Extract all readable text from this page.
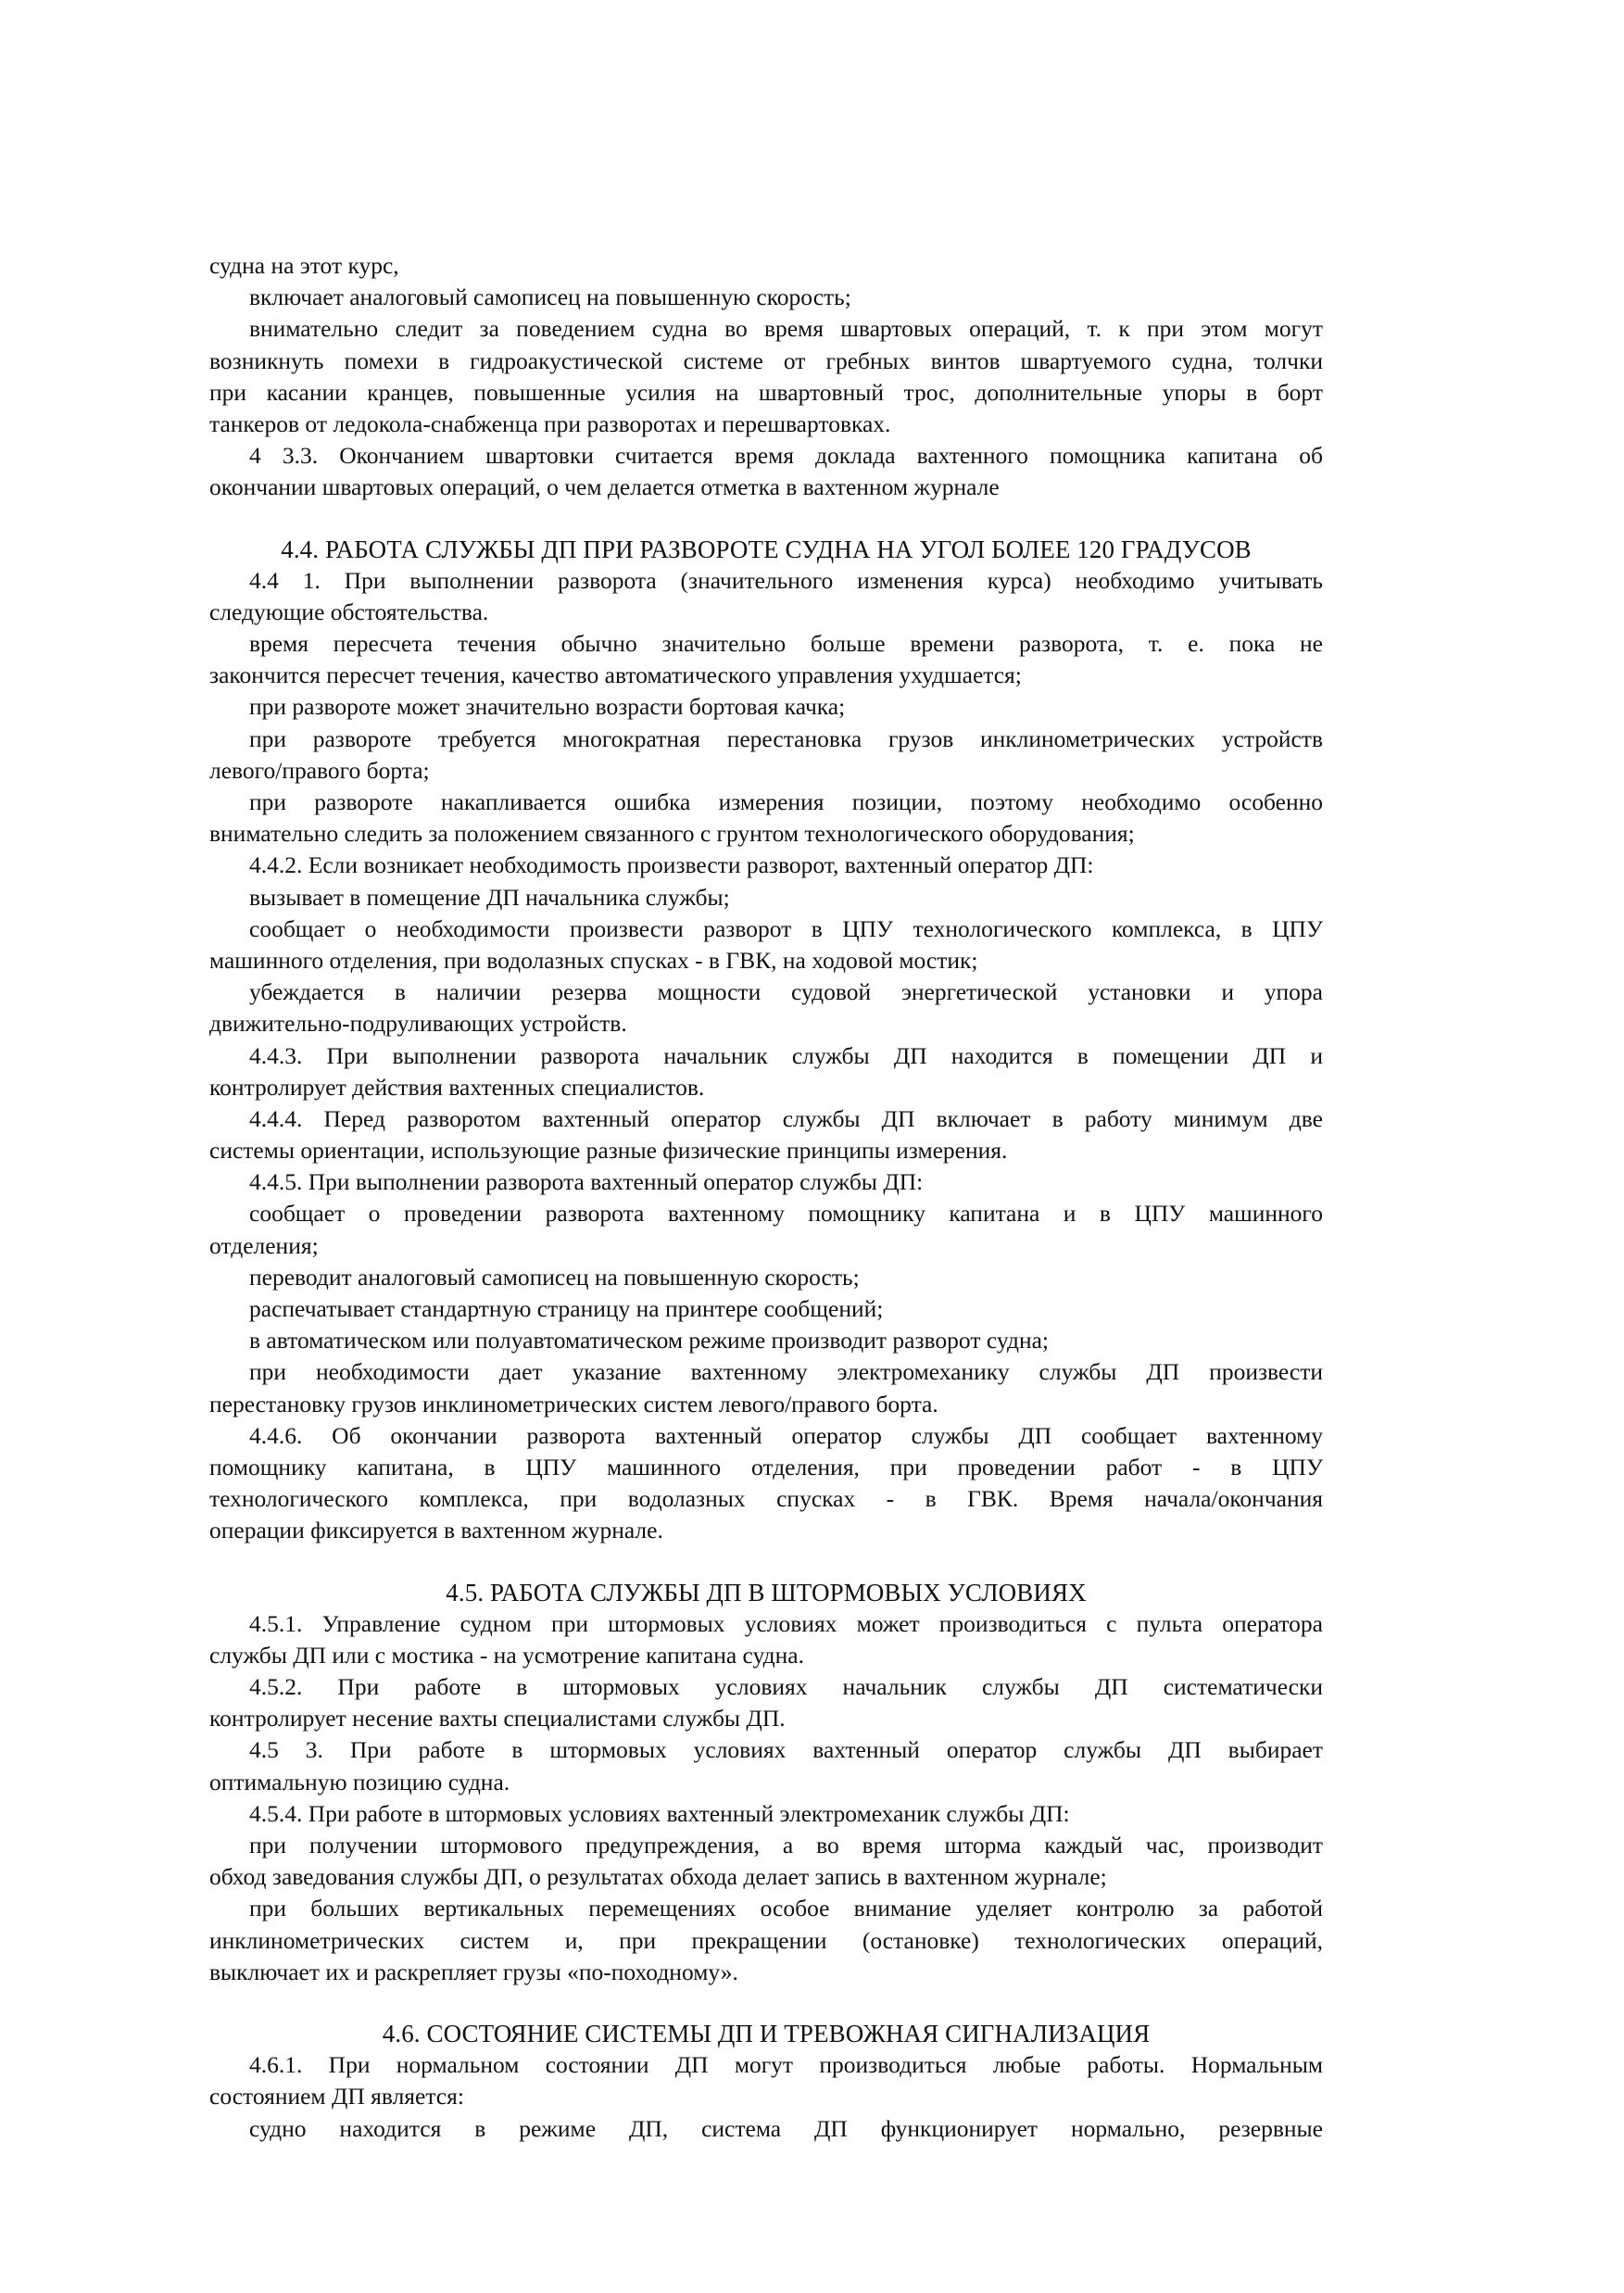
судна на этот курс,
включает аналоговый самописец на повышенную скорость;
внимательно следит за поведением судна во время швартовых операций, т. к при этом могут
возникнуть помехи в гидроакустической системе от гребных винтов швартуемого судна, толчки
при касании кранцев, повышенные усилия на швартовный трос, дополнительные упоры в борт
танкеров от ледокола-снабженца при разворотах и перешвартовках.
4 3.3. Окончанием швартовки считается время доклада вахтенного помощника капитана об
окончании швартовых операций, о чем делается отметка в вахтенном журнале
4.4. РАБОТА СЛУЖБЫ ДП ПРИ РАЗВОРОТЕ СУДНА НА УГОЛ БОЛЕЕ 120 ГРАДУСОВ
4.4 1. При выполнении разворота (значительного изменения курса) необходимо учитывать
следующие обстоятельства.
время пересчета течения обычно значительно больше времени разворота, т. е. пока не
закончится пересчет течения, качество автоматического управления ухудшается;
при развороте может значительно возрасти бортовая качка;
при развороте требуется многократная перестановка грузов инклинометрических устройств
левого/правого борта;
при развороте накапливается ошибка измерения позиции, поэтому необходимо особенно
внимательно следить за положением связанного с грунтом технологического оборудования;
4.4.2. Если возникает необходимость произвести разворот, вахтенный оператор ДП:
вызывает в помещение ДП начальника службы;
сообщает о необходимости произвести разворот в ЦПУ технологического комплекса, в ЦПУ
машинного отделения, при водолазных спусках - в ГВК, на ходовой мостик;
убеждается в наличии резерва мощности судовой энергетической установки и упора
движительно-подруливающих устройств.
4.4.3. При выполнении разворота начальник службы ДП находится в помещении ДП и
контролирует действия вахтенных специалистов.
4.4.4. Перед разворотом вахтенный оператор службы ДП включает в работу минимум две
системы ориентации, использующие разные физические принципы измерения.
4.4.5. При выполнении разворота вахтенный оператор службы ДП:
сообщает о проведении разворота вахтенному помощнику капитана и в ЦПУ машинного
отделения;
переводит аналоговый самописец на повышенную скорость;
распечатывает стандартную страницу на принтере сообщений;
в автоматическом или полуавтоматическом режиме производит разворот судна;
при необходимости дает указание вахтенному электромеханику службы ДП произвести
перестановку грузов инклинометрических систем левого/правого борта.
4.4.6. Об окончании разворота вахтенный оператор службы ДП сообщает вахтенному
помощнику капитана, в ЦПУ машинного отделения, при проведении работ - в ЦПУ
технологического комплекса, при водолазных спусках - в ГВК. Время начала/окончания
операции фиксируется в вахтенном журнале.
4.5. РАБОТА СЛУЖБЫ ДП В ШТОРМОВЫХ УСЛОВИЯХ
4.5.1. Управление судном при штормовых условиях может производиться с пульта оператора
службы ДП или с мостика - на усмотрение капитана судна.
4.5.2. При работе в штормовых условиях начальник службы ДП систематически
контролирует несение вахты специалистами службы ДП.
4.5 3. При работе в штормовых условиях вахтенный оператор службы ДП выбирает
оптимальную позицию судна.
4.5.4. При работе в штормовых условиях вахтенный электромеханик службы ДП:
при получении штормового предупреждения, а во время шторма каждый час, производит
обход заведования службы ДП, о результатах обхода делает запись в вахтенном журнале;
при больших вертикальных перемещениях особое внимание уделяет контролю за работой
инклинометрических систем и, при прекращении (остановке) технологических операций,
выключает их и раскрепляет грузы «по-походному».
4.6. СОСТОЯНИЕ СИСТЕМЫ ДП И ТРЕВОЖНАЯ СИГНАЛИЗАЦИЯ
4.6.1. При нормальном состоянии ДП могут производиться любые работы. Нормальным
состоянием ДП является:
судно находится в режиме ДП, система ДП функционирует нормально, резервные
